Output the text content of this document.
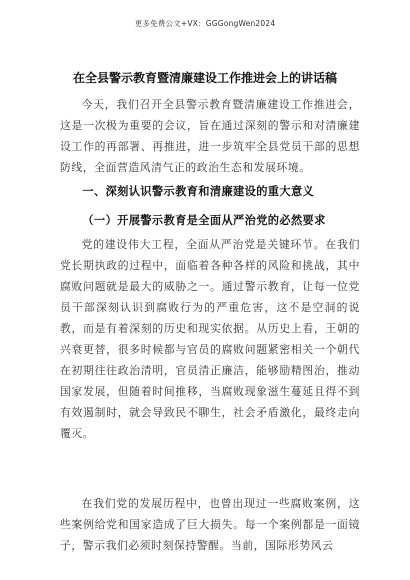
更多免费公文+VX：GGGongWen2024
在全县警示教育暨清廉建设工作推进会上的讲话稿

今天，我们召开全县警示教育暨清廉建设工作推进会，这是一次极为重要的会议，旨在通过深刻的警示和对清廉建设工作的再部署、再推进，进一步筑牢全县党员干部的思想防线，全面营造风清气正的政治生态和发展环境。

一、深刻认识警示教育和清廉建设的重大意义
（一）开展警示教育是全面从严治党的必然要求

党的建设伟大工程，全面从严治党是关键环节。在我们党长期执政的过程中，面临着各种各样的风险和挑战，其中腐败问题就是最大的威胁之一。通过警示教育，让每一位党员干部深刻认识到腐败行为的严重危害，这不是空洞的说教，而是有着深刻的历史和现实依据。从历史上看，王朝的兴衰更替，很多时候都与官员的腐败问题紧密相关一个朝代在初期往往政治清明，官员清正廉洁，能够励精图治，推动国家发展，但随着时间推移，当腐败现象滋生蔓延且得不到有效遏制时，就会导致民不聊生，社会矛盾激化，最终走向覆灭。

在我们党的发展历程中，也曾出现过一些腐败案例，这些案例给党和国家造成了巨大损失。每一个案例都是一面镜子，警示我们必须时刻保持警醒。当前，国际形势风云
